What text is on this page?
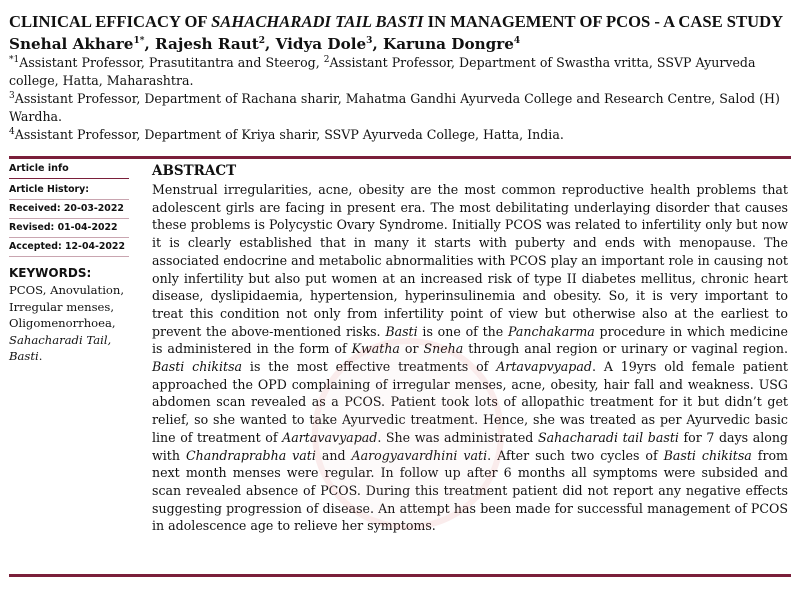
CLINICAL EFFICACY OF SAHACHARADI TAIL BASTI IN MANAGEMENT OF PCOS - A CASE STUDY
Snehal Akhare$^{1*}$, Rajesh Raut$^2$, Vidya Dole$^3$, Karuna Dongre$^4$

$^{*1}$Assistant Professor, Prasutitantra and Steerog, $^2$Assistant Professor, Department of Swastha vritta, SSVP Ayurveda college, Hatta, Maharashtra.

$^3$Assistant Professor, Department of Rachana sharir, Mahatma Gandhi Ayurveda College and Research Centre, Salod (H) Wardha.

$^4$Assistant Professor, Department of Kriya sharir, SSVP Ayurveda College, Hatta, India.

Article info
Article History:
Received: 20-03-2022
Revised: 01-04-2022
Accepted: 12-04-2022
KEYWORDS:
PCOS, Anovulation, Irregular menses, Oligomenorrhoea, Sahacharadi Tail, Basti.
ABSTRACT

Menstrual irregularities, acne, obesity are the most common reproductive health problems that adolescent girls are facing in present era. The most debilitating underlaying disorder that causes these problems is Polycystic Ovary Syndrome. Initially PCOS was related to infertility only but now it is clearly established that in many it starts with puberty and ends with menopause. The associated endocrine and metabolic abnormalities with PCOS play an important role in causing not only infertility but also put women at an increased risk of type II diabetes mellitus, chronic heart disease, dyslipidaemia, hypertension, hyperinsulinemia and obesity. So, it is very important to treat this condition not only from infertility point of view but otherwise also at the earliest to prevent the above-mentioned risks. Basti is one of the Panchakarma procedure in which medicine is administered in the form of Kwatha or Sneha through anal region or urinary or vaginal region. Basti chikitsa is the most effective treatments of Artavapvyapad. A 19yrs old female patient approached the OPD complaining of irregular menses, acne, obesity, hair fall and weakness. USG abdomen scan revealed as a PCOS. Patient took lots of allopathic treatment for it but didn’t get relief, so she wanted to take Ayurvedic treatment. Hence, she was treated as per Ayurvedic basic line of treatment of Aartavavyapad. She was administrated Sahacharadi tail basti for 7 days along with Chandraprabha vati and Aarogyavardhini vati. After such two cycles of Basti chikitsa from next month menses were regular. In follow up after 6 months all symptoms were subsided and scan revealed absence of PCOS. During this treatment patient did not report any negative effects suggesting progression of disease. An attempt has been made for successful management of PCOS in adolescence age to relieve her symptoms.
